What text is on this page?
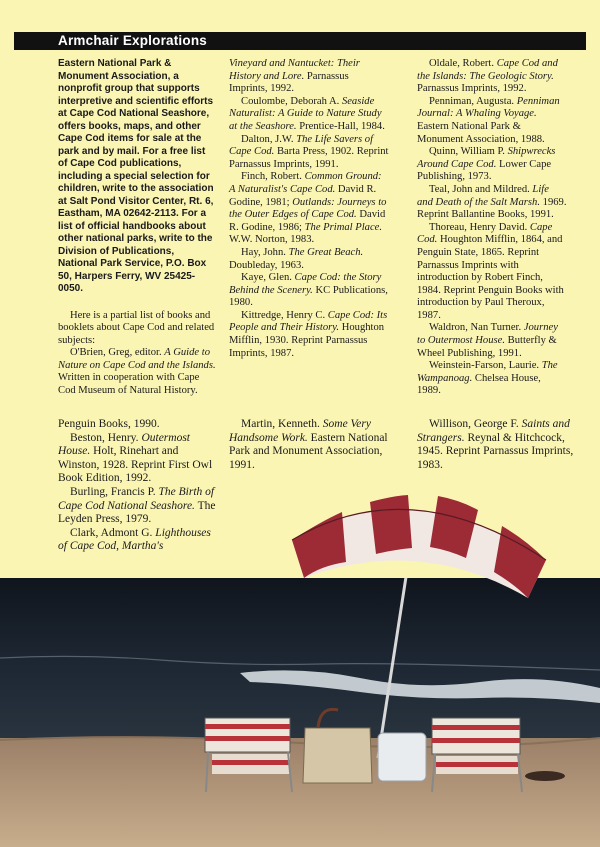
Armchair Explorations

Eastern National Park & Monument Association, a nonprofit group that supports interpretive and scientific efforts at Cape Cod National Seashore, offers books, maps, and other Cape Cod items for sale at the park and by mail. For a free list of Cape Cod publications, including a special selection for children, write to the association at Salt Pond Visitor Center, Rt. 6, Eastham, MA 02642-2113. For a list of official handbooks about other national parks, write to the Division of Publications, National Park Service, P.O. Box 50, Harpers Ferry, WV 25425-0050.

Here is a partial list of books and booklets about Cape Cod and related subjects:

O'Brien, Greg, editor. A Guide to Nature on Cape Cod and the Islands. Written in cooperation with Cape Cod Museum of Natural History.

Vineyard and Nantucket: Their History and Lore. Parnassus Imprints, 1992.

Coulombe, Deborah A. Seaside Naturalist: A Guide to Nature Study at the Seashore. Prentice-Hall, 1984.

Dalton, J.W. The Life Savers of Cape Cod. Barta Press, 1902. Reprint Parnassus Imprints, 1991.

Finch, Robert. Common Ground: A Naturalist's Cape Cod. David R. Godine, 1981; Outlands: Journeys to the Outer Edges of Cape Cod. David R. Godine, 1986; The Primal Place. W.W. Norton, 1983.

Hay, John. The Great Beach. Doubleday, 1963.

Kaye, Glen. Cape Cod: the Story Behind the Scenery. KC Publications, 1980.

Kittredge, Henry C. Cape Cod: Its People and Their History. Houghton Mifflin, 1930. Reprint Parnassus Imprints, 1987.

Oldale, Robert. Cape Cod and the Islands: The Geologic Story. Parnassus Imprints, 1992.

Penniman, Augusta. Penniman Journal: A Whaling Voyage. Eastern National Park & Monument Association, 1988.

Quinn, William P. Shipwrecks Around Cape Cod. Lower Cape Publishing, 1973.

Teal, John and Mildred. Life and Death of the Salt Marsh. 1969. Reprint Ballantine Books, 1991.

Thoreau, Henry David. Cape Cod. Houghton Mifflin, 1864, and Penguin State, 1865. Reprint Parnassus Imprints with introduction by Robert Finch, 1984. Reprint Penguin Books with introduction by Paul Theroux, 1987.

Waldron, Nan Turner. Journey to Outermost House. Butterfly & Wheel Publishing, 1991.

Weinstein-Farson, Laurie. The Wampanoag. Chelsea House, 1989.

Penguin Books, 1990.

Beston, Henry. Outermost House. Holt, Rinehart and Winston, 1928. Reprint First Owl Book Edition, 1992.

Burling, Francis P. The Birth of Cape Cod National Seashore. The Leyden Press, 1979.

Clark, Admont G. Lighthouses of Cape Cod, Martha's

Martin, Kenneth. Some Very Handsome Work. Eastern National Park and Monument Association, 1991.

Willison, George F. Saints and Strangers. Reynal & Hitchcock, 1945. Reprint Parnassus Imprints, 1983.
